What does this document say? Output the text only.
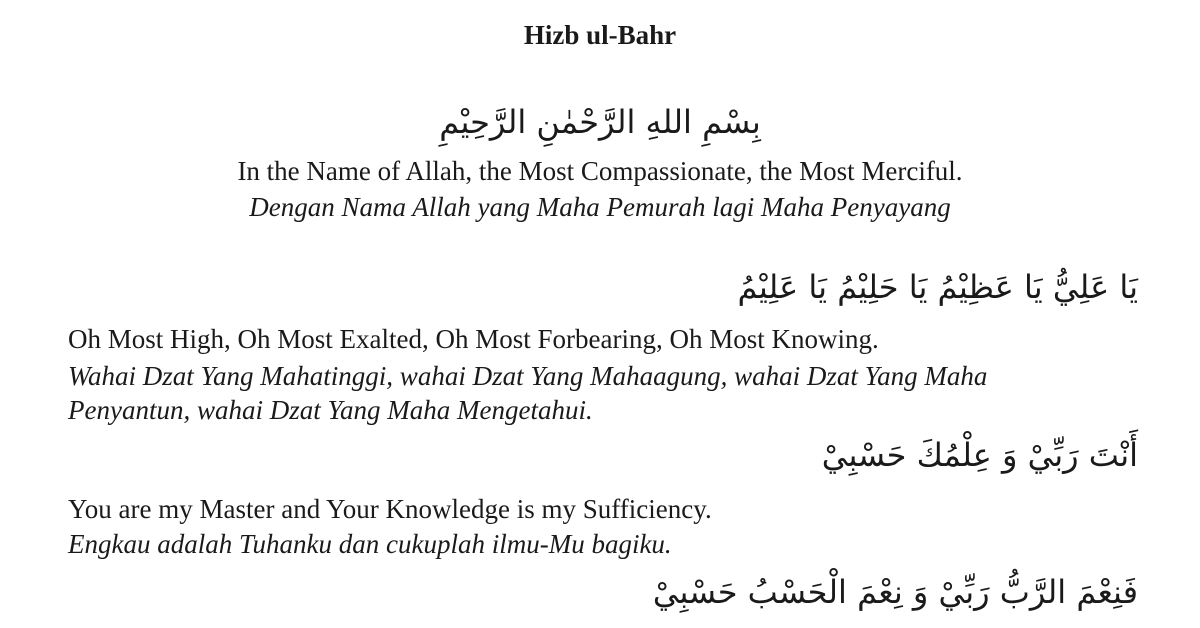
Hizb ul-Bahr
بِسْمِ اللهِ الرَّحْمٰنِ الرَّحِيْمِ
In the Name of Allah, the Most Compassionate, the Most Merciful.
Dengan Nama Allah yang Maha Pemurah lagi Maha Penyayang
يَا عَلِيُّ يَا عَظِيْمُ يَا حَلِيْمُ يَا عَلِيْمُ
Oh Most High, Oh Most Exalted, Oh Most Forbearing, Oh Most Knowing.
Wahai Dzat Yang Mahatinggi, wahai Dzat Yang Mahaagung, wahai Dzat Yang Maha
Penyantun, wahai Dzat Yang Maha Mengetahui.
أَنْتَ رَبِّيْ وَ عِلْمُكَ حَسْبِيْ
You are my Master and Your Knowledge is my Sufficiency.
Engkau adalah Tuhanku dan cukuplah ilmu-Mu bagiku.
فَنِعْمَ الرَّبُّ رَبِّيْ وَ نِعْمَ الْحَسْبُ حَسْبِيْ
